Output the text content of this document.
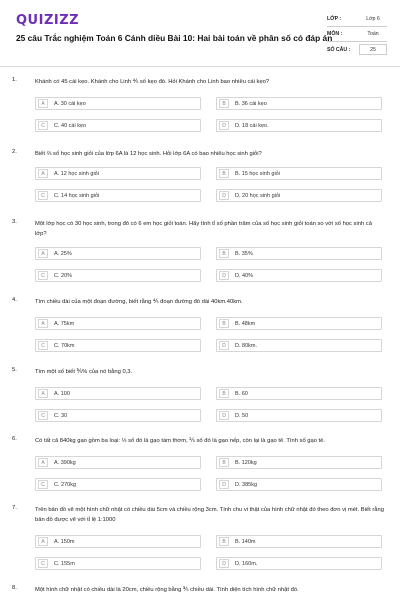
QUIZIZZ
25 câu Trắc nghiệm Toán 6 Cánh diều Bài 10: Hai bài toán về phân số có đáp án
LỚP :	Lớp 6
MÔN :	Toán
SỐ CÂU :	25
1.	Khánh có 45 cái kẹo. Khánh cho Linh ⅘ số kẹo đó. Hỏi Khánh cho Linh bao nhiêu cái kẹo?
A	A. 30 cái kẹo	B	B. 36 cái kẹo
C	C. 40 cái kẹo	D	D. 18 cái kẹo.
2.	Biết ⅔ số học sinh giỏi của lớp 6A là 12 học sinh. Hỏi lớp 6A có bao nhiêu học sinh giỏi?
A	A. 12 học sinh giỏi	B	B. 15 học sinh giỏi
C	C. 14 học sinh giỏi	D	D. 20 học sinh giỏi
3.	Một lớp học có 30 học sinh, trong đó có 6 em học giỏi toán. Hãy tính tỉ số phần trăm của số học sinh giỏi toán so với số học sinh cả lớp?
A	A. 25%	B	B. 35%
C	C. 20%	D	D. 40%
4.	Tìm chiều dài của một đoạn đường, biết rằng ⅘ đoạn đường đó dài 40km.40km.
A	A. 75km	B	B. 48km
C	C. 70km	D	D. 80km.
5.	Tìm một số biết ⅗% của nó bằng 0,3.
A	A. 100	B	B. 60
C	C. 30	D	D. 50
6.	Có tất cả 840kg gạo gồm ba loại: ⅓ số đó là gạo tám thơm, ⅖ số đó là gạo nếp, còn lại là gạo tẻ. Tính số gạo tẻ.
A	A. 390kg	B	B. 120kg
C	C. 270kg	D	D. 385kg
7.	Trên bản đồ vẽ một hình chữ nhật có chiều dài 5cm và chiều rộng 3cm. Tính chu vi thật của hình chữ nhật đó theo đơn vị mét. Biết rằng bản đồ được vẽ với tỉ lệ 1:1000
A	A. 150m	B	B. 140m
C	C. 155m	D	D. 160m.
8.	Một hình chữ nhật có chiều dài là 20cm, chiều rộng bằng ⅗ chiều dài. Tính diện tích hình chữ nhật đó.
